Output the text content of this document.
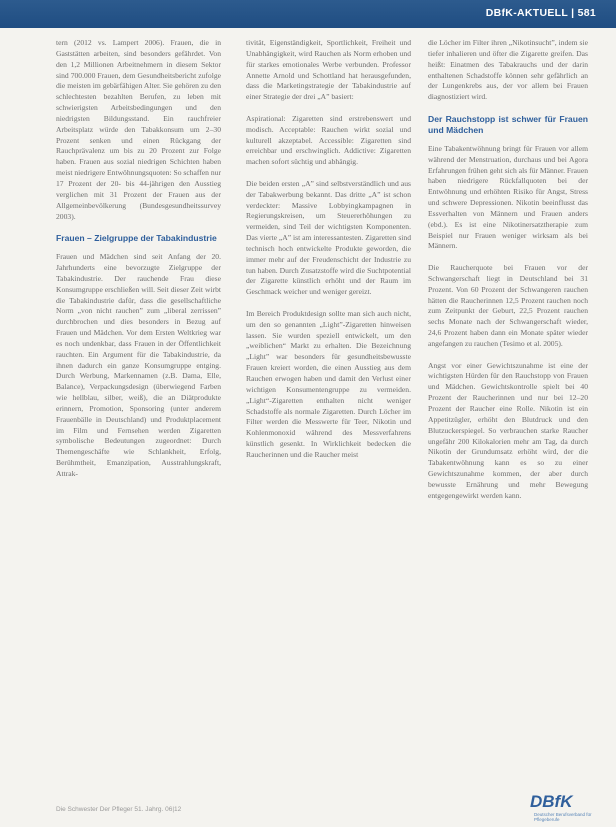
DBfK-AKTUELL | 581

tern (2012 vs. Lampert 2006). Frauen, die in Gaststätten arbeiten, sind besonders gefährdet. Von den 1,2 Millionen Arbeitnehmern in diesem Sektor sind 700.000 Frauen, dem Gesundheitsbericht zufolge die meisten im gebärfähigen Alter. Sie gehören zu den schlechtesten bezahlten Berufen, zu leben mit schwierigsten Arbeitsbedingungen und den niedrigsten Bildungsstand. Ein rauchfreier Arbeitsplatz würde den Tabakkonsum um 2–30 Prozent senken und einen Rückgang der Rauchprävalenz um bis zu 20 Prozent zur Folge haben. Frauen aus sozial niedrigen Schichten haben meist niedrigere Entwöhnungsquoten: So schaffen nur 17 Prozent der 20- bis 44-jährigen den Ausstieg verglichen mit 31 Prozent der Frauen aus der Allgemeinbevölkerung (Bundesgesundheitssurvey 2003).

Frauen – Zielgruppe der Tabakindustrie

Frauen und Mädchen sind seit Anfang der 20. Jahrhunderts eine bevorzugte Zielgruppe der Tabakindustrie. Der rauchende Frau diese Konsumgruppe erschließen will. Seit dieser Zeit wirbt die Tabakindustrie dafür, dass die gesellschaftliche Norm „von nicht rauchen” zum „liberal zerrissen” durchbrochen und dies besonders in Bezug auf Frauen und Mädchen. Vor dem Ersten Weltkrieg war es noch undenkbar, dass Frauen in der Öffentlichkeit rauchten. Ein Argument für die Tabakindustrie, da ihnen dadurch ein ganze Konsumgruppe entging. Durch Werbung, Markennamen (z.B. Dama, Elle, Balance), Verpackungsdesign (überwiegend Farben wie hellblau, silber, weiß), die an Diätprodukte erinnern, Promotion, Sponsoring (unter anderem Frauenbälle in Deutschland) und Produktplacement im Film und Fernsehen werden Zigaretten symbolische Bedeutungen zugeordnet: Durch Themengeschäfte wie Schlankheit, Erfolg, Berühmtheit, Emanzipation, Ausstrahlungskraft, Attrak-

tivität, Eigenständigkeit, Sportlichkeit, Freiheit und Unabhängigkeit, wird Rauchen als Norm erhoben und für starkes emotionales Werbe verbunden. Professor Annette Arnold und Schottland hat herausgefunden, dass die Marketingstrategie der Tabakindustrie auf einer Strategie der drei „A” basiert:

Aspirational: Zigaretten sind erstrebenswert und modisch. Acceptable: Rauchen wirkt sozial und kulturell akzeptabel. Accessible: Zigaretten sind erreichbar und erschwinglich. Addictive: Zigaretten machen sofort süchtig und abhängig.

Die beiden ersten „A” sind selbstverständlich und aus der Tabakwerbung bekannt. Das dritte „A” ist schon verdeckter: Massive Lobbyingkampagnen in Regierungskreisen, um Steuererhöhungen zu vermeiden, sind Teil der wichtigsten Komponenten. Das vierte „A” ist am interessantesten. Zigaretten sind technisch hoch entwickelte Produkte geworden, die immer mehr auf der Freudenschicht der Industrie zu tun haben. Durch Zusatzstoffe wird die Suchtpotential der Zigarette künstlich erhöht und der Raum im Geschmack weicher und weniger gereizt.

Im Bereich Produktdesign sollte man sich auch nicht, um den so genannten „Light”-Zigaretten hinweisen lassen. Sie wurden speziell entwickelt, um den „weiblichen“ Markt zu erhalten. Die Bezeichnung „Light” war besonders für gesundheitsbewusste Frauen kreiert worden, die einen Ausstieg aus dem Rauchen erwogen haben und damit den Verlust einer wichtigen Konsumentengruppe zu vermeiden. „Light“-Zigaretten enthalten nicht weniger Schadstoffe als normale Zigaretten. Durch Löcher im Filter werden die Messwerte für Teer, Nikotin und Kohlenmonoxid während des Messverfahrens künstlich gesenkt. In Wirklichkeit bedecken die Raucherinnen und die Raucher meist

die Löcher im Filter ihren „Nikotinsucht”, indem sie tiefer inhalieren und öfter die Zigarette greifen. Das heißt: Einatmen des Tabakrauchs und der darin enthaltenen Schadstoffe können sehr gefährlich an der Lungenkrebs aus, der vor allem bei Frauen diagnostiziert wird.

Der Rauchstopp ist schwer für Frauen und Mädchen

Eine Tabakentwöhnung bringt für Frauen vor allem während der Menstruation, durchaus und bei Agora Erfahrungen frühen geht sich als für Männer. Frauen haben niedrigere Rückfallquoten bei der Entwöhnung und erhöhten Risiko für Angst, Stress und schwere Depressionen. Nikotin beeinflusst das Essverhalten von Männern und Frauen anders (ebd.). Es ist eine Nikotinersatztherapie zum Beispiel nur Frauen weniger wirksam als bei Männern.

Die Raucherquote bei Frauen vor der Schwangerschaft liegt in Deutschland bei 31 Prozent. Von 60 Prozent der Schwangeren rauchen hätten die Raucherinnen 12,5 Prozent rauchen noch zum Zeitpunkt der Geburt, 22,5 Prozent rauchen sechs Monate nach der Schwangerschaft wieder, 24,6 Prozent haben dann ein Monate später wieder angefangen zu rauchen (Tesimo et al. 2005).

Angst vor einer Gewichtszunahme ist eine der wichtigsten Hürden für den Rauchstopp von Frauen und Mädchen. Gewichtskontrolle spielt bei 40 Prozent der Raucherinnen und nur bei 12–20 Prozent der Raucher eine Rolle. Nikotin ist ein Appetitzügler, erhöht den Blutdruck und den Blutzuckerspiegel. So verbrauchen starke Raucher ungefähr 200 Kilokalorien mehr am Tag, da durch Nikotin der Grundumsatz erhöht wird, der die Tabakentwöhnung kann es so zu einer Gewichtszunahme kommen, der aber durch bewusste Ernährung und mehr Bewegung entgegengewirkt werden kann.

Die Schwester Der Pfleger 51. Jahrg. 06|12	DBfK
Deutscher Berufsverband für Pflegeberufe
